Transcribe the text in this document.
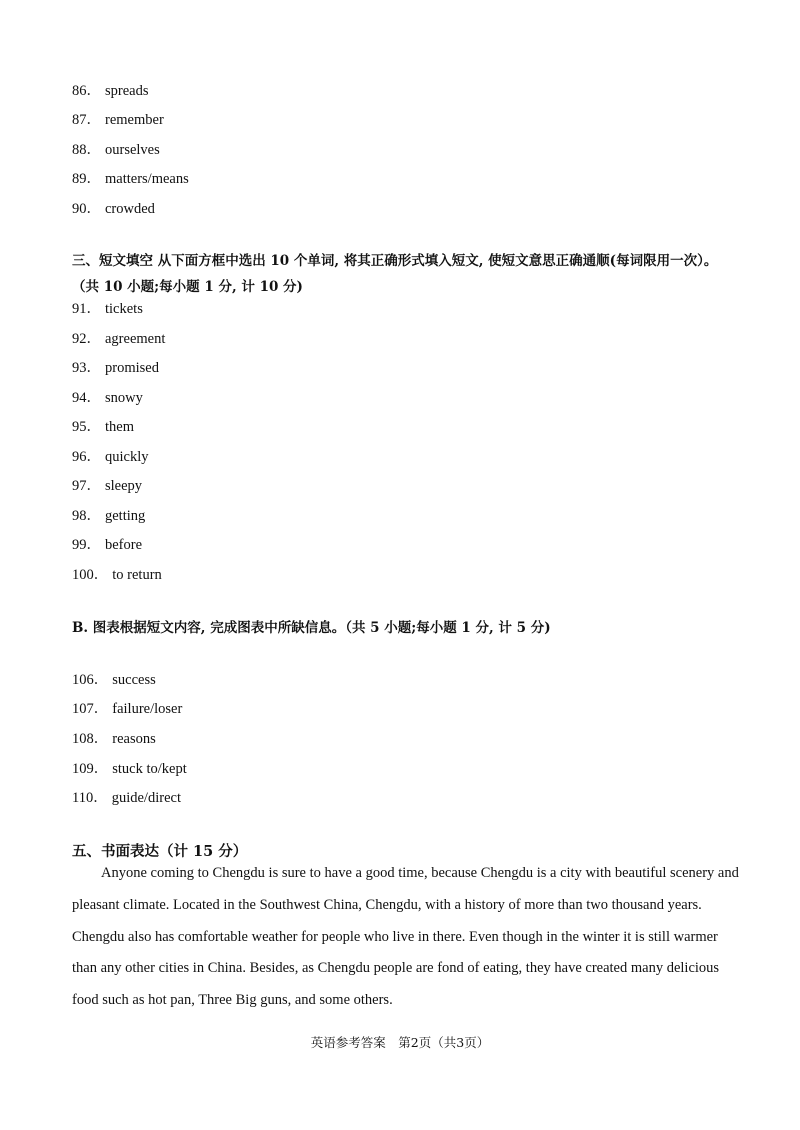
86． spreads
87． remember
88． ourselves
89． matters/means
90． crowded
三、短文填空 从下面方框中选出 10 个单词, 将其正确形式填入短文, 使短文意思正确通顺(每词限用一次）。
（共 10 小题;每小题 1 分, 计 10 分)
91． tickets
92． agreement
93． promised
94． snowy
95． them
96． quickly
97． sleepy
98． getting
99． before
100． to return
B. 图表根据短文内容, 完成图表中所缺信息。（共 5 小题;每小题 1 分, 计 5 分)
106． success
107． failure/loser
108． reasons
109． stuck to/kept
110． guide/direct
五、书面表达（计 15 分）
Anyone coming to Chengdu is sure to have a good time, because Chengdu is a city with beautiful scenery and
pleasant climate. Located in the Southwest China, Chengdu, with a history of more than two thousand years.
Chengdu also has comfortable weather for people who live in there. Even though in the winter it is still warmer
than any other cities in China. Besides, as Chengdu people are fond of eating, they have created many delicious
food such as hot pan, Three Big guns, and some others.
英语参考答案　第2页（共3页）
